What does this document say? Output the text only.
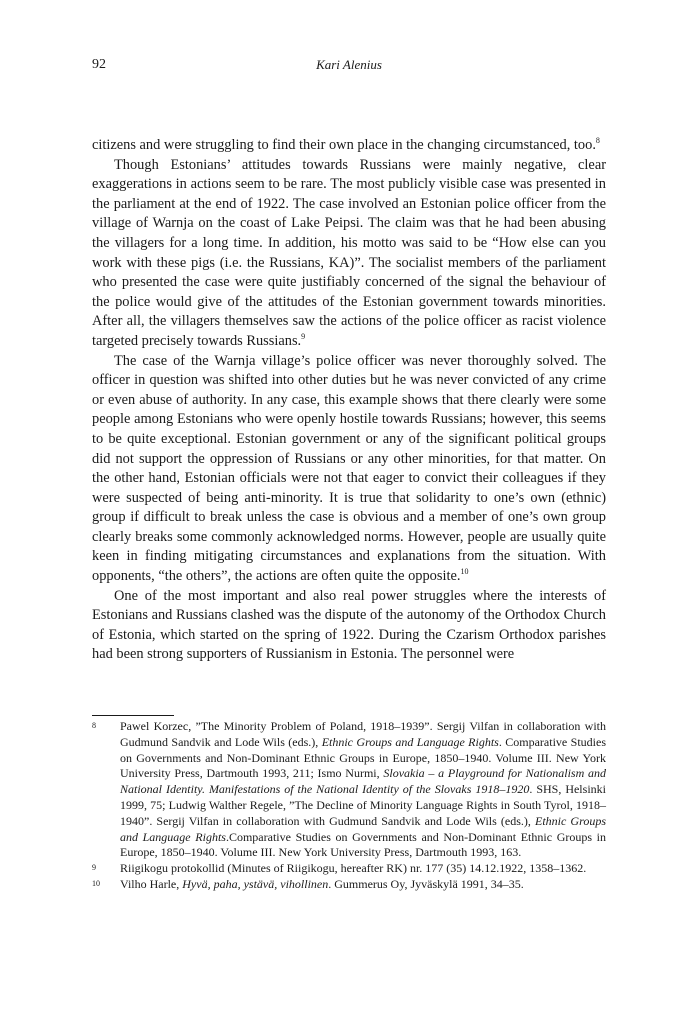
92	Kari Alenius

citizens and were struggling to find their own place in the changing circumstanced, too.$^8$

Though Estonians’ attitudes towards Russians were mainly negative, clear exaggerations in actions seem to be rare. The most publicly visible case was presented in the parliament at the end of 1922. The case involved an Estonian police officer from the village of Warnja on the coast of Lake Peipsi. The claim was that he had been abusing the villagers for a long time. In addition, his motto was said to be “How else can you work with these pigs (i.e. the Russians, KA)”. The socialist members of the parliament who presented the case were quite justifiably concerned of the signal the behaviour of the police would give of the attitudes of the Estonian government towards minorities. After all, the villagers themselves saw the actions of the police officer as racist violence targeted precisely towards Russians.$^9$

The case of the Warnja village’s police officer was never thoroughly solved. The officer in question was shifted into other duties but he was never convicted of any crime or even abuse of authority. In any case, this example shows that there clearly were some people among Estonians who were openly hostile towards Russians; however, this seems to be quite exceptional. Estonian government or any of the significant political groups did not support the oppression of Russians or any other minorities, for that matter. On the other hand, Estonian officials were not that eager to convict their colleagues if they were suspected of being anti-minority. It is true that solidarity to one’s own (ethnic) group if difficult to break unless the case is obvious and a member of one’s own group clearly breaks some commonly acknowledged norms. However, people are usually quite keen in finding mitigating circumstances and explanations from the situation. With opponents, “the others”, the actions are often quite the opposite.$^{10}$

One of the most important and also real power struggles where the interests of Estonians and Russians clashed was the dispute of the autonomy of the Orthodox Church of Estonia, which started on the spring of 1922. During the Czarism Orthodox parishes had been strong supporters of Russianism in Estonia. The personnel were

8 Pawel Korzec, ”The Minority Problem of Poland, 1918–1939”. Sergij Vilfan in collaboration with Gudmund Sandvik and Lode Wils (eds.), Ethnic Groups and Language Rights. Comparative Studies on Governments and Non-Dominant Ethnic Groups in Europe, 1850–1940. Volume III. New York University Press, Dartmouth 1993, 211; Ismo Nurmi, Slovakia – a Playground for Nationalism and National Identity. Manifestations of the National Identity of the Slovaks 1918–1920. SHS, Helsinki 1999, 75; Ludwig Walther Regele, ”The Decline of Minority Language Rights in South Tyrol, 1918–1940”. Sergij Vilfan in collaboration with Gudmund Sandvik and Lode Wils (eds.), Ethnic Groups and Language Rights.Comparative Studies on Governments and Non-Dominant Ethnic Groups in Europe, 1850–1940. Volume III. New York University Press, Dartmouth 1993, 163.
9 Riigikogu protokollid (Minutes of Riigikogu, hereafter RK) nr. 177 (35) 14.12.1922, 1358–1362.
10 Vilho Harle, Hyvä, paha, ystävä, vihollinen. Gummerus Oy, Jyväskylä 1991, 34–35.
